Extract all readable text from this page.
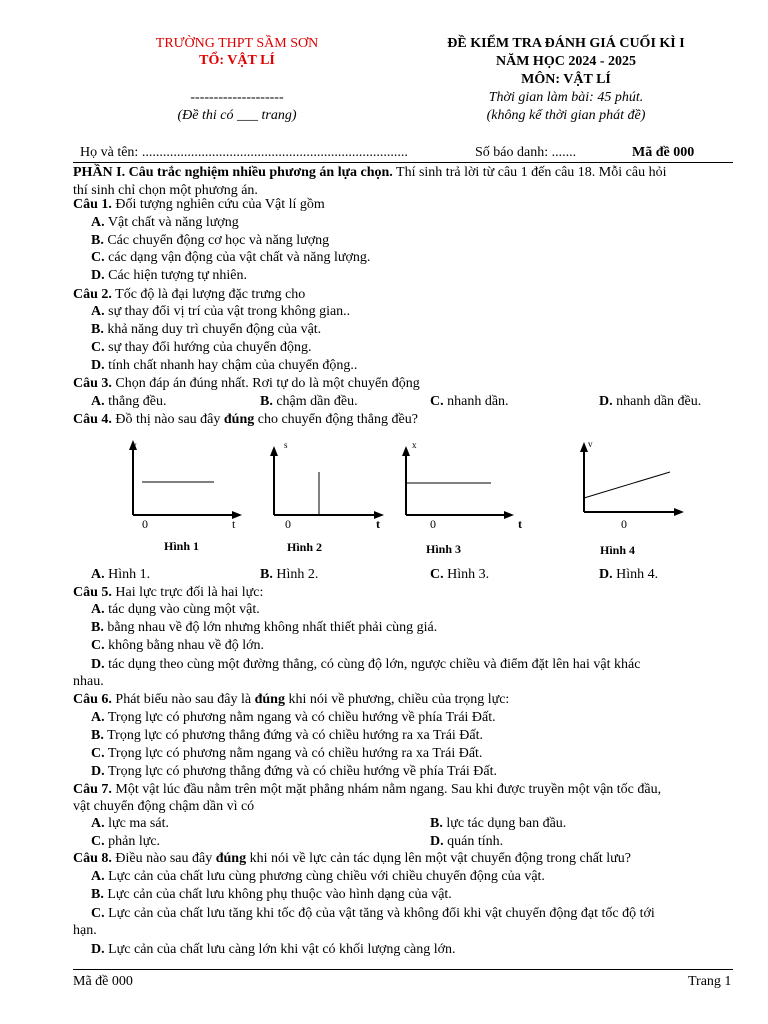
TRƯỜNG THPT SẦM SƠN
TỔ: VẬT LÍ
--------------------
(Đề thi có ___ trang)
ĐỀ KIỂM TRA ĐÁNH GIÁ CUỐI KÌ I
NĂM HỌC 2024 - 2025
MÔN: VẬT LÍ
Thời gian làm bài: 45 phút.
(không kể thời gian phát đề)
Họ và tên: ............................................................................	Số báo danh: .......	Mã đề 000
PHẦN I. Câu trắc nghiệm nhiều phương án lựa chọn. Thí sinh trả lời từ câu 1 đến câu 18. Mỗi câu hỏi
thí sinh chỉ chọn một phương án.
Câu 1. Đối tượng nghiên cứu của Vật lí gồm
A. Vật chất và năng lượng
B. Các chuyển động cơ học và năng lượng
C. các dạng vận động của vật chất và năng lượng.
D. Các hiện tượng tự nhiên.
Câu 2. Tốc độ là đại lượng đặc trưng cho
A. sự thay đổi vị trí của vật trong không gian..
B. khả năng duy trì chuyển động của vật.
C. sự thay đổi hướng của chuyển động.
D. tính chất nhanh hay chậm của chuyển động..
Câu 3. Chọn đáp án đúng nhất. Rơi tự do là một chuyển động
A. thẳng đều.	B. chậm dần đều.	C. nhanh dần.	D. nhanh dần đều.
Câu 4. Đồ thị nào sau đây đúng cho chuyển động thẳng đều?
v
0	t
Hình 1
s
0	t
Hình 2
x
0	t
Hình 3
v
0
Hình 4
A. Hình 1.	B. Hình 2.	C. Hình 3.	D. Hình 4.
Câu 5. Hai lực trực đối là hai lực:
A. tác dụng vào cùng một vật.
B. bằng nhau về độ lớn nhưng không nhất thiết phải cùng giá.
C. không bằng nhau về độ lớn.
D. tác dụng theo cùng một đường thẳng, có cùng độ lớn, ngược chiều và điểm đặt lên hai vật khác
nhau.
Câu 6. Phát biểu nào sau đây là đúng khi nói về phương, chiều của trọng lực:
A. Trọng lực có phương nằm ngang và có chiều hướng về phía Trái Đất.
B. Trọng lực có phương thẳng đứng và có chiều hướng ra xa Trái Đất.
C. Trọng lực có phương nằm ngang và có chiều hướng ra xa Trái Đất.
D. Trọng lực có phương thẳng đứng và có chiều hướng về phía Trái Đất.
Câu 7. Một vật lúc đầu nằm trên một mặt phẳng nhám nằm ngang. Sau khi được truyền một vận tốc đầu,
vật chuyển động chậm dần vì có
A. lực ma sát.	B. lực tác dụng ban đầu.
C. phản lực.	D. quán tính.
Câu 8. Điều nào sau đây đúng khi nói về lực cản tác dụng lên một vật chuyển động trong chất lưu?
A. Lực cản của chất lưu cùng phương cùng chiều với chiều chuyển động của vật.
B. Lực cản của chất lưu không phụ thuộc vào hình dạng của vật.
C. Lực cản của chất lưu tăng khi tốc độ của vật tăng và không đổi khi vật chuyển động đạt tốc độ tới
hạn.
D. Lực cản của chất lưu càng lớn khi vật có khối lượng càng lớn.
Mã đề 000	Trang 1
